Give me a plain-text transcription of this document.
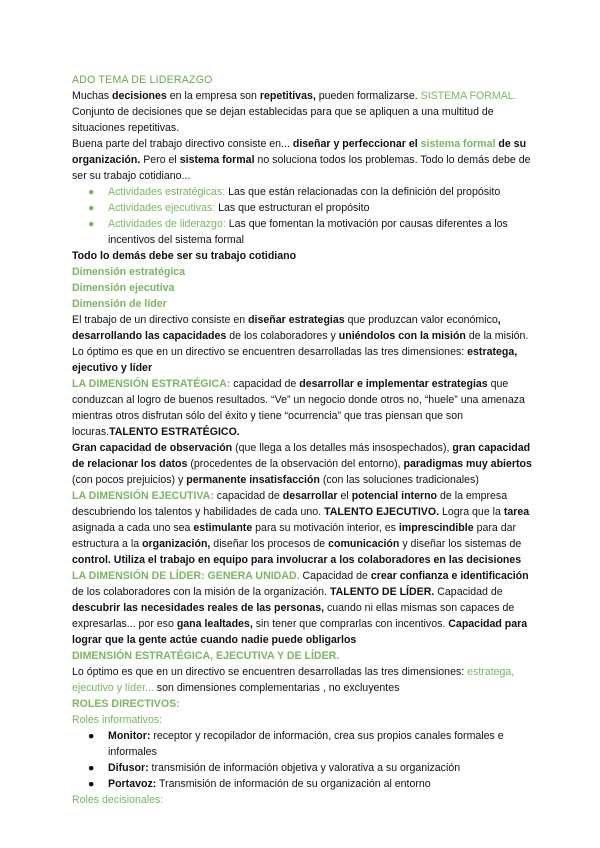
ADO TEMA DE LIDERAZGO

Muchas decisiones en la empresa son repetitivas, pueden formalizarse. SISTEMA FORMAL. Conjunto de decisiones que se dejan establecidas para que se apliquen a una multitud de situaciones repetitivas.

Buena parte del trabajo directivo consiste en... diseñar y perfeccionar el sistema formal de su organización. Pero el sistema formal no soluciona todos los problemas. Todo lo demás debe de ser su trabajo cotidiano...

● Actividades estratégicas: Las que están relacionadas con la definición del propósito
● Actividades ejecutivas: Las que estructuran el propósito
● Actividades de liderazgo: Las que fomentan la motivación por causas diferentes a los incentivos del sistema formal

Todo lo demás debe ser su trabajo cotidiano

Dimensión estratégica

Dimensión ejecutiva

Dimensión de líder

El trabajo de un directivo consiste en diseñar estrategias que produzcan valor económico, desarrollando las capacidades de los colaboradores y uniéndolos con la misión de la misión. Lo óptimo es que en un directivo se encuentren desarrolladas las tres dimensiones: estratega, ejecutivo y líder

LA DIMENSIÓN ESTRATÉGICA: capacidad de desarrollar e implementar estrategias que conduzcan al logro de buenos resultados. “Ve” un negocio donde otros no, “huele” una amenaza mientras otros disfrutan sólo del éxito y tiene “ocurrencia” que tras piensan que son locuras.TALENTO ESTRATÉGICO.

Gran capacidad de observación (que llega a los detalles más insospechados), gran capacidad de relacionar los datos (procedentes de la observación del entorno), paradigmas muy abiertos (con pocos prejuicios) y permanente insatisfacción (con las soluciones tradicionales)

LA DIMENSIÓN EJECUTIVA: capacidad de desarrollar el potencial interno de la empresa descubriendo los talentos y habilidades de cada uno. TALENTO EJECUTIVO. Logra que la tarea asignada a cada uno sea estimulante para su motivación interior, es imprescindible para dar estructura a la organización, diseñar los procesos de comunicación y diseñar los sistemas de control. Utiliza el trabajo en equipo para involucrar a los colaboradores en las decisiones

LA DIMENSIÓN DE LÍDER: GENERA UNIDAD. Capacidad de crear confianza e identificación de los colaboradores con la misión de la organización. TALENTO DE LÍDER. Capacidad de descubrir las necesidades reales de las personas, cuando ni ellas mismas son capaces de expresarlas... por eso gana lealtades, sin tener que comprarlas con incentivos. Capacidad para lograr que la gente actúe cuando nadie puede obligarlos

DIMENSIÓN ESTRATÉGICA, EJECUTIVA Y DE LÍDER.

Lo óptimo es que en un directivo se encuentren desarrolladas las tres dimensiones: estratega, ejecutivo y líder... son dimensiones complementarias , no excluyentes

ROLES DIRECTIVOS:

Roles informativos:

● Monitor: receptor y recopilador de información, crea sus propios canales formales e informales
● Difusor: transmisión de información objetiva y valorativa a su organización
● Portavoz: Transmisión de información de su organización al entorno

Roles decisionales:
